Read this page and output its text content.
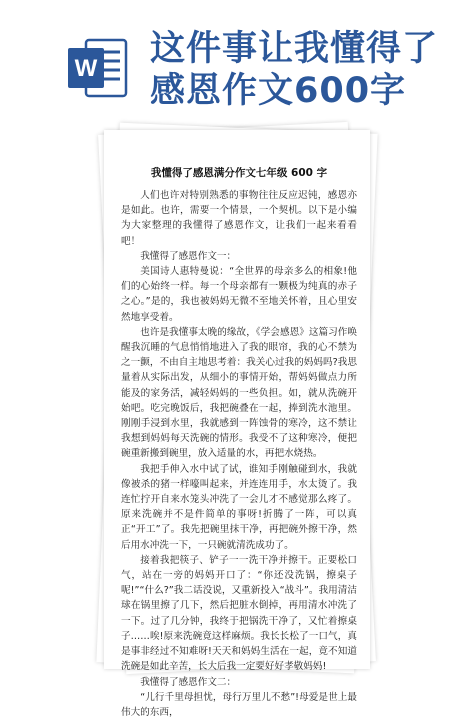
W 这件事让我懂得了
感恩作文600字
我懂得了感恩满分作文七年级 600 字

人们也许对特别熟悉的事物往往反应迟钝，感恩亦是如此。也许，需要一个情景，一个契机。以下是小编为大家整理的我懂得了感恩作文，让我们一起来看看吧！

我懂得了感恩作文一：

美国诗人惠特曼说：“全世界的母亲多么的相象!他们的心始终一样。每一个母亲都有一颗极为纯真的赤子之心。”是的，我也被妈妈无微不至地关怀着，且心里安然地享受着。

也许是我懂事太晚的缘故，《学会感恩》这篇习作唤醒我沉睡的气息悄悄地进入了我的眼帘，我的心不禁为之一颤，不由自主地思考着：我关心过我的妈妈吗?我思量着从实际出发，从细小的事情开始，帮妈妈做点力所能及的家务活，减轻妈妈的一些负担。如，就从洗碗开始吧。吃完晚饭后，我把碗叠在一起，捧到洗水池里。刚刚手浸到水里，我就感到一阵蚀骨的寒冷，这不禁让我想到妈妈每天洗碗的情形。我受不了这种寒冷，便把碗重新搬到碗里，放入适量的水，再把水烧热。

我把手伸入水中试了试，谁知手刚触碰到水，我就像被杀的猪一样嚎叫起来，并连连用手，水太烫了。我连忙拧开自来水笼头冲洗了一会儿才不感觉那么疼了。原来洗碗并不是件简单的事呀!折腾了一阵，可以真正“开工”了。我先把碗里抹干净，再把碗外擦干净，然后用水冲洗一下，一只碗就清洗成功了。

接着我把筷子、铲子一一洗干净并擦干。正要松口气，站在一旁的妈妈开口了：“你还没洗锅，擦桌子呢!”“什么?”我二话没说，又重新投入“战斗”。我用清洁球在锅里擦了几下，然后把脏水倒掉，再用清水冲洗了一下。过了几分钟，我终于把锅洗干净了，又忙着擦桌子……唉!原来洗碗竟这样麻烦。我长长松了一口气，真是事非经过不知难呀!天天和妈妈生活在一起，竟不知道洗碗是如此辛苦，长大后我一定要好好孝敬妈妈!

我懂得了感恩作文二：

“儿行千里母担忧，母行万里儿不愁”!母爱是世上最伟大的东西，
